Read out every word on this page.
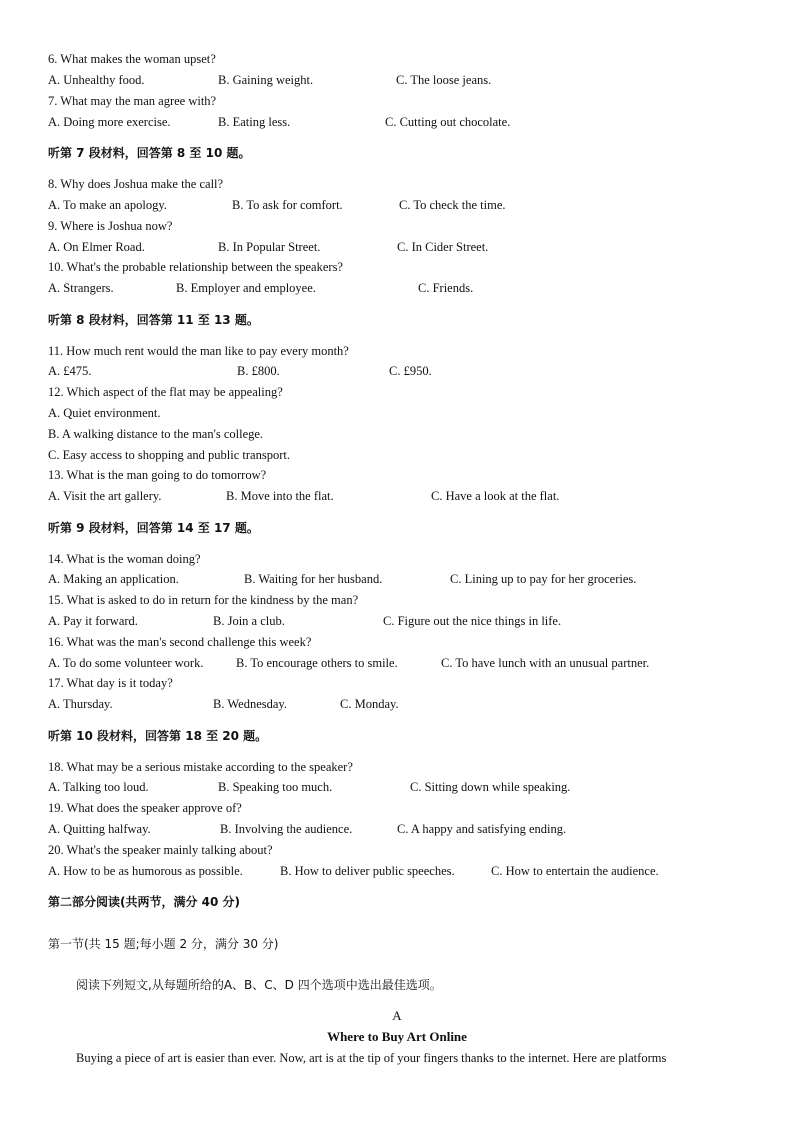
6. What makes the woman upset?
A. Unhealthy food.	B. Gaining weight.	C. The loose jeans.
7. What may the man agree with?
A. Doing more exercise.	B. Eating less.	C. Cutting out chocolate.
听第 7 段材料，回答第 8 至 10 题。
8. Why does Joshua make the call?
A. To make an apology.	B. To ask for comfort.	C. To check the time.
9. Where is Joshua now?
A. On Elmer Road.	B. In Popular Street.	C. In Cider Street.
10. What's the probable relationship between the speakers?
A. Strangers.	B. Employer and employee.	C. Friends.
听第 8 段材料，回答第 11 至 13 题。
11. How much rent would the man like to pay every month?
A. £475.	B. £800.	C. £950.
12. Which aspect of the flat may be appealing?
A. Quiet environment.
B. A walking distance to the man's college.
C. Easy access to shopping and public transport.
13. What is the man going to do tomorrow?
A. Visit the art gallery.	B. Move into the flat.	C. Have a look at the flat.
听第 9 段材料，回答第 14 至 17 题。
14. What is the woman doing?
A. Making an application.	B. Waiting for her husband.	C. Lining up to pay for her groceries.
15. What is asked to do in return for the kindness by the man?
A. Pay it forward.	B. Join a club.	C. Figure out the nice things in life.
16. What was the man's second challenge this week?
A. To do some volunteer work.	B. To encourage others to smile.	C. To have lunch with an unusual partner.
17. What day is it today?
A. Thursday.	B. Wednesday.	C. Monday.
听第 10 段材料，回答第 18 至 20 题。
18. What may be a serious mistake according to the speaker?
A. Talking too loud.	B. Speaking too much.	C. Sitting down while speaking.
19. What does the speaker approve of?
A. Quitting halfway.	B. Involving the audience.	C. A happy and satisfying ending.
20. What's the speaker mainly talking about?
A. How to be as humorous as possible.	B. How to deliver public speeches.	C. How to entertain the audience.
第二部分阅读(共两节，满分 40 分)
第一节(共 15 题;每小题 2 分，满分 30 分)
阅读下列短文,从每题所给的A、B、C、D 四个选项中选出最佳选项。
A
Where to Buy Art Online
Buying a piece of art is easier than ever. Now, art is at the tip of your fingers thanks to the internet. Here are platforms
